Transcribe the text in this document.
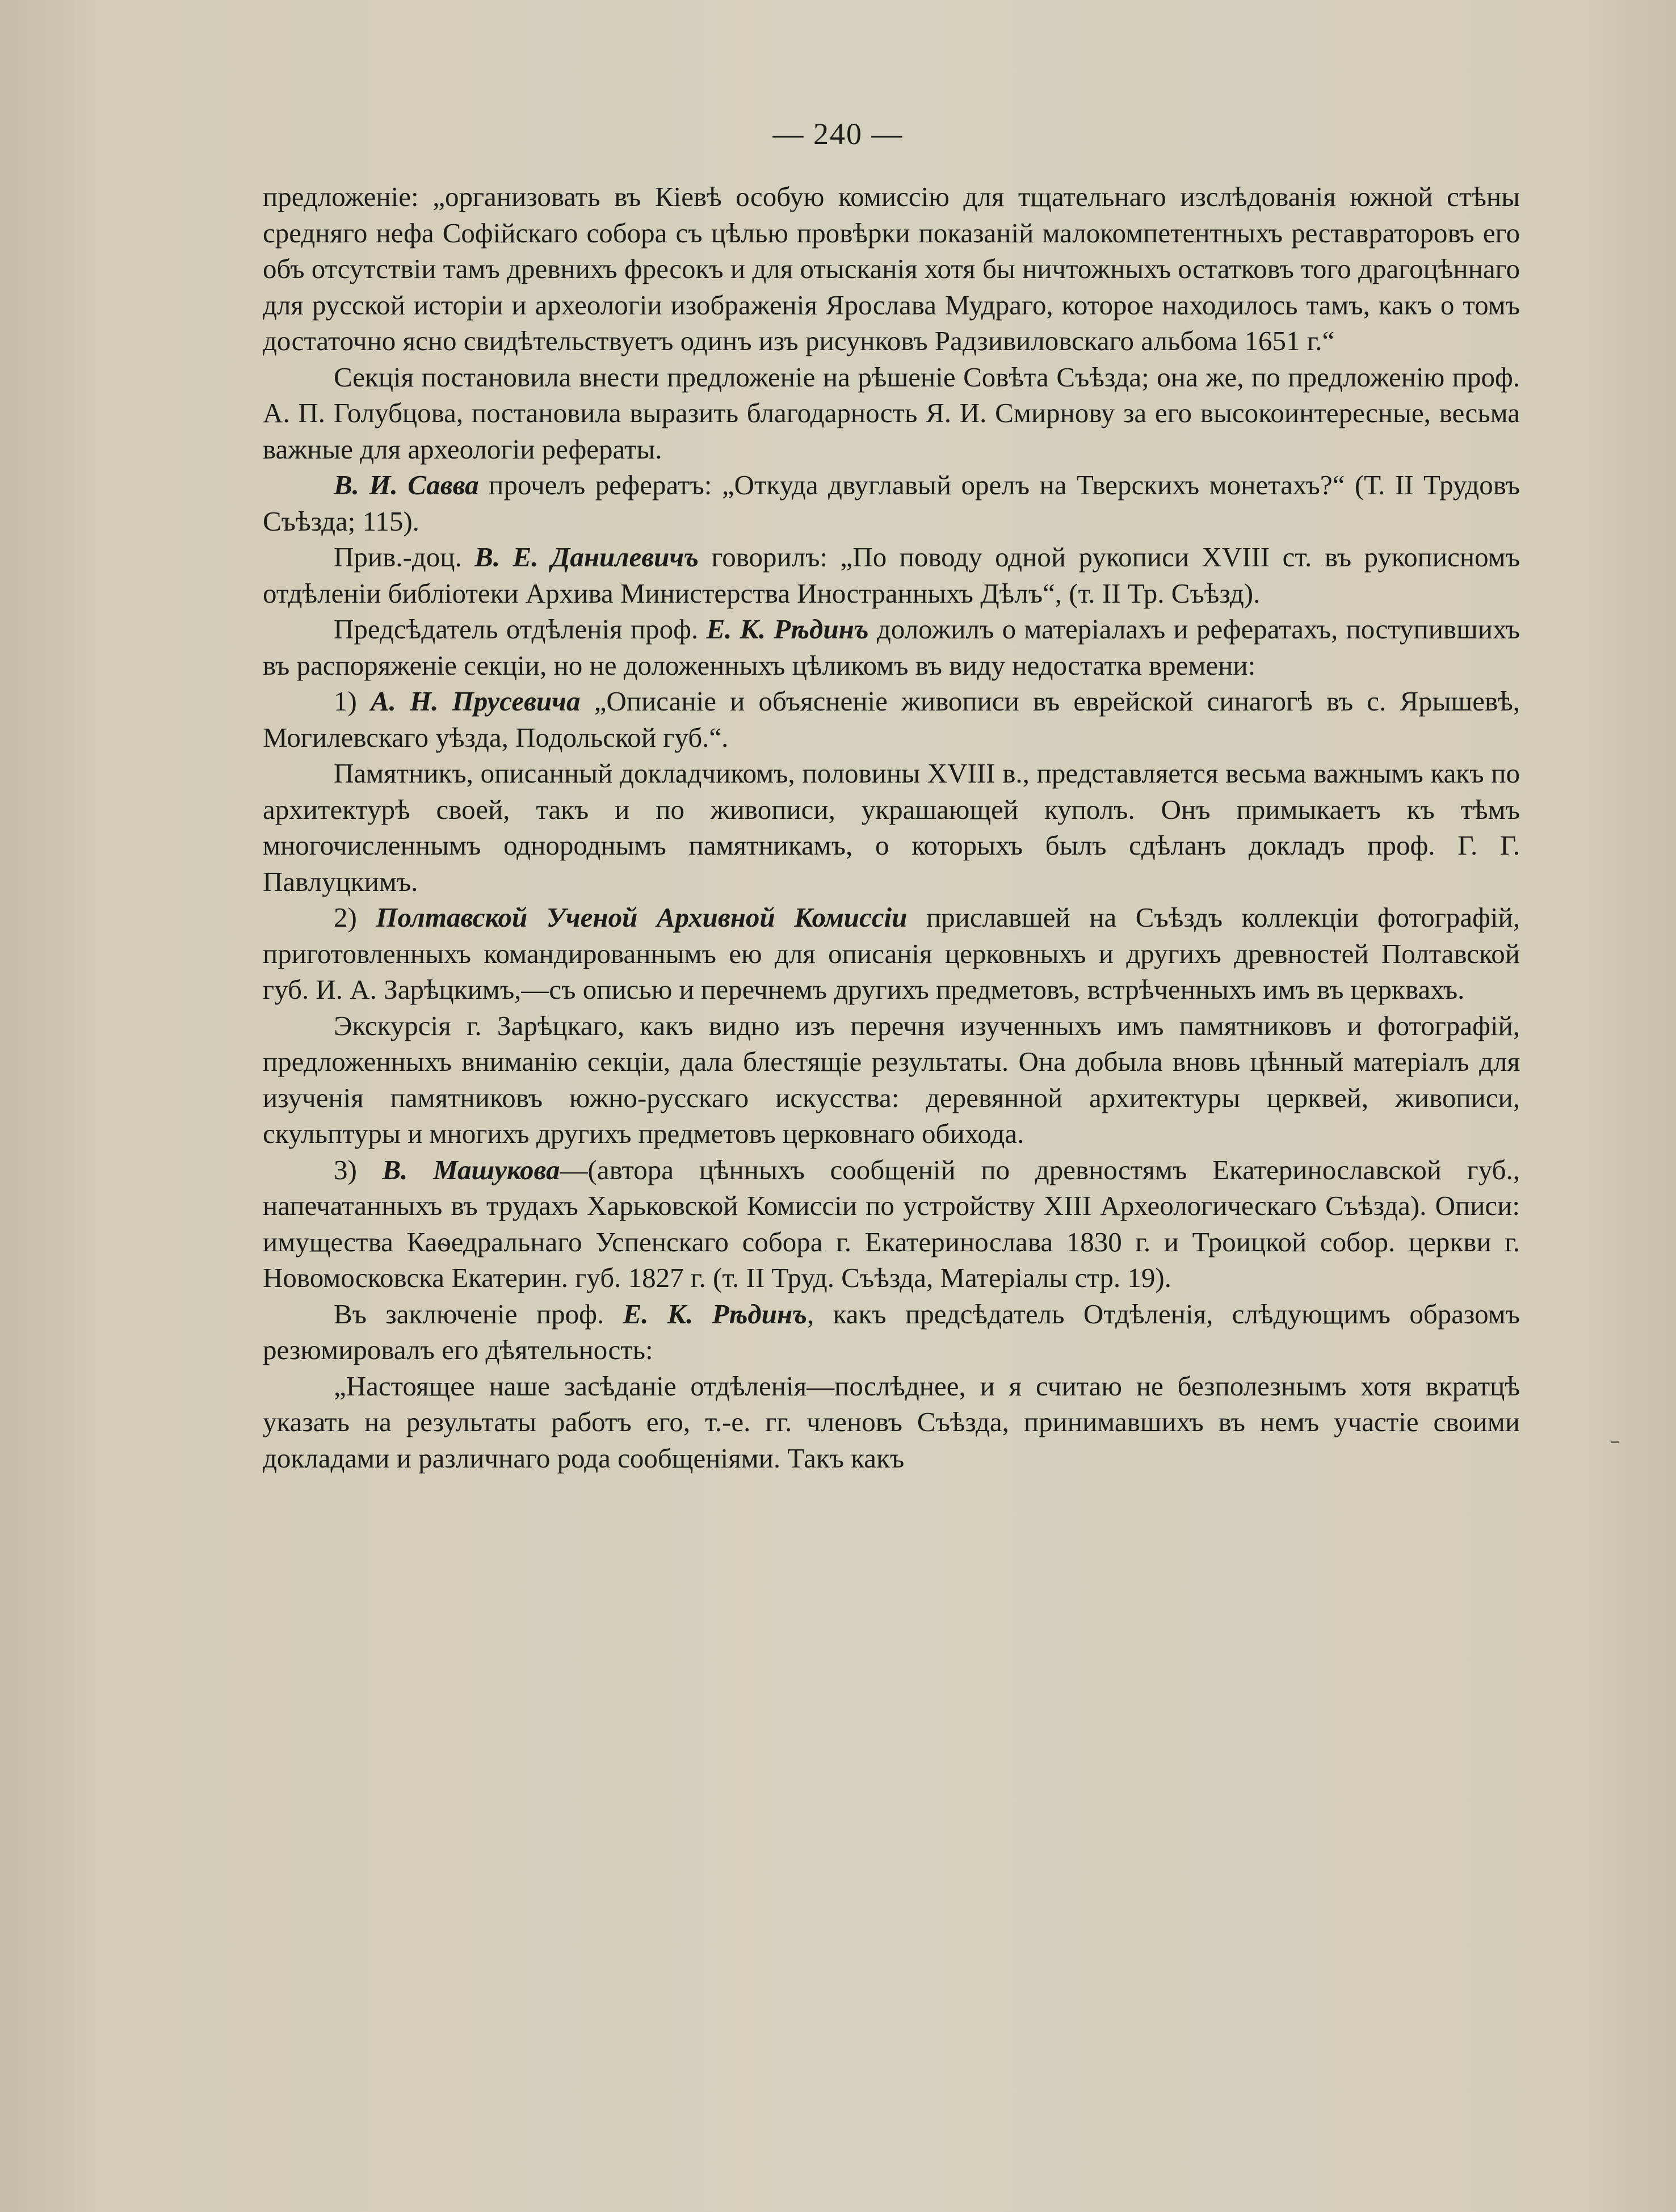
— 240 —

предложеніе: „организовать въ Кіевѣ особую комиссію для тщательнаго изслѣдованія южной стѣны средняго нефа Софійскаго собора съ цѣлью провѣрки показаній малокомпетентныхъ реставраторовъ его объ отсутствіи тамъ древнихъ фресокъ и для отысканія хотя бы ничтожныхъ остатковъ того драгоцѣннаго для русской исторіи и археологіи изображенія Ярослава Мудраго, которое находилось тамъ, какъ о томъ достаточно ясно свидѣтельствуетъ одинъ изъ рисунковъ Радзивиловскаго альбома 1651 г.“

Секція постановила внести предложеніе на рѣшеніе Совѣта Съѣзда; она же, по предложенію проф. А. П. Голубцова, постановила выразить благодарность Я. И. Смирнову за его высокоинтересные, весьма важные для археологіи рефераты.

В. И. Савва прочелъ рефератъ: „Откуда двуглавый орелъ на Тверскихъ монетахъ?“ (Т. II Трудовъ Съѣзда; 115).

Прив.-доц. В. Е. Данилевичъ говорилъ: „По поводу одной рукописи XVIII ст. въ рукописномъ отдѣленіи библіотеки Архива Министерства Иностранныхъ Дѣлъ“, (т. II Тр. Съѣзд).

Предсѣдатель отдѣленія проф. Е. К. Рѣдинъ доложилъ о матеріалахъ и рефератахъ, поступившихъ въ распоряженіе секціи, но не доложенныхъ цѣликомъ въ виду недостатка времени:

1) А. Н. Прусевича „Описаніе и объясненіе живописи въ еврейской синагогѣ въ с. Ярышевѣ, Могилевскаго уѣзда, Подольской губ.“.

Памятникъ, описанный докладчикомъ, половины XVIII в., представляется весьма важнымъ какъ по архитектурѣ своей, такъ и по живописи, украшающей куполъ. Онъ примыкаетъ къ тѣмъ многочисленнымъ однороднымъ памятникамъ, о которыхъ былъ сдѣланъ докладъ проф. Г. Г. Павлуцкимъ.

2) Полтавской Ученой Архивной Комиссіи приславшей на Съѣздъ коллекціи фотографій, приготовленныхъ командированнымъ ею для описанія церковныхъ и другихъ древностей Полтавской губ. И. А. Зарѣцкимъ,—съ описью и перечнемъ другихъ предметовъ, встрѣченныхъ имъ въ церквахъ.

Экскурсія г. Зарѣцкаго, какъ видно изъ перечня изученныхъ имъ памятниковъ и фотографій, предложенныхъ вниманію секціи, дала блестящіе результаты. Она добыла вновь цѣнный матеріалъ для изученія памятниковъ южно-русскаго искусства: деревянной архитектуры церквей, живописи, скульптуры и многихъ другихъ предметовъ церковнаго обихода.

3) В. Машукова—(автора цѣнныхъ сообщеній по древностямъ Екатеринославской губ., напечатанныхъ въ трудахъ Харьковской Комиссіи по устройству XIII Археологическаго Съѣзда). Описи: имущества Каѳедральнаго Успенскаго собора г. Екатеринослава 1830 г. и Троицкой собор. церкви г. Новомосковска Екатерин. губ. 1827 г. (т. II Труд. Съѣзда, Матеріалы стр. 19).

Въ заключеніе проф. Е. К. Рѣдинъ, какъ предсѣдатель Отдѣленія, слѣдующимъ образомъ резюмировалъ его дѣятельность:

„Настоящее наше засѣданіе отдѣленія—послѣднее, и я считаю не безполезнымъ хотя вкратцѣ указать на результаты работъ его, т.-е. гг. членовъ Съѣзда, принимавшихъ въ немъ участіе своими докладами и различнаго рода сообщеніями. Такъ какъ
